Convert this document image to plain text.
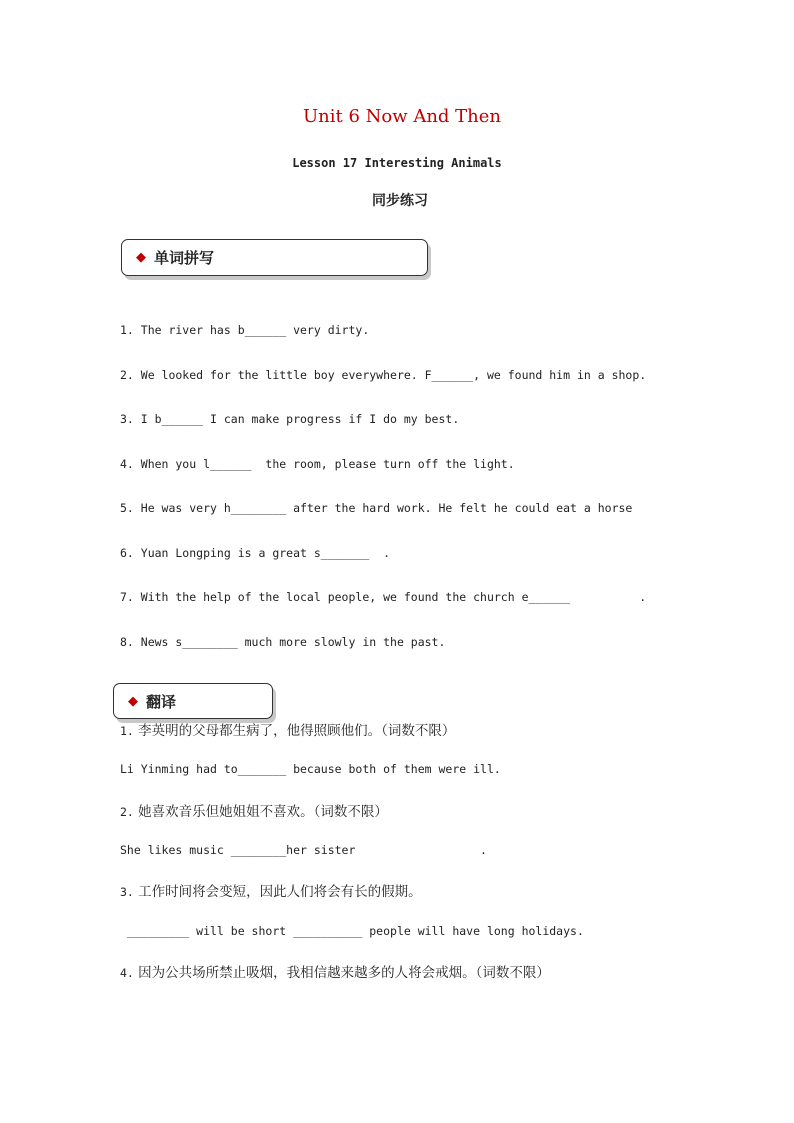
Unit 6 Now And Then
Lesson 17 Interesting Animals
同步练习
◆ 单词拼写
1. The river has b______ very dirty.
2. We looked for the little boy everywhere. F______, we found him in a shop.
3. I b______ I can make progress if I do my best.
4. When you l______  the room, please turn off the light.
5. He was very h________ after the hard work. He felt he could eat a horse
6. Yuan Longping is a great s_______  .
7. With the help of the local people, we found the church e______          .
8. News s________ much more slowly in the past.
◆ 翻译
1. 李英明的父母都生病了，他得照顾他们。（词数不限）
Li Yinming had to_______ because both of them were ill.
2. 她喜欢音乐但她姐姐不喜欢。（词数不限）
She likes music ________her sister                  .
3. 工作时间将会变短，因此人们将会有长的假期。
_________ will be short __________ people will have long holidays.
4. 因为公共场所禁止吸烟，我相信越来越多的人将会戒烟。（词数不限）
